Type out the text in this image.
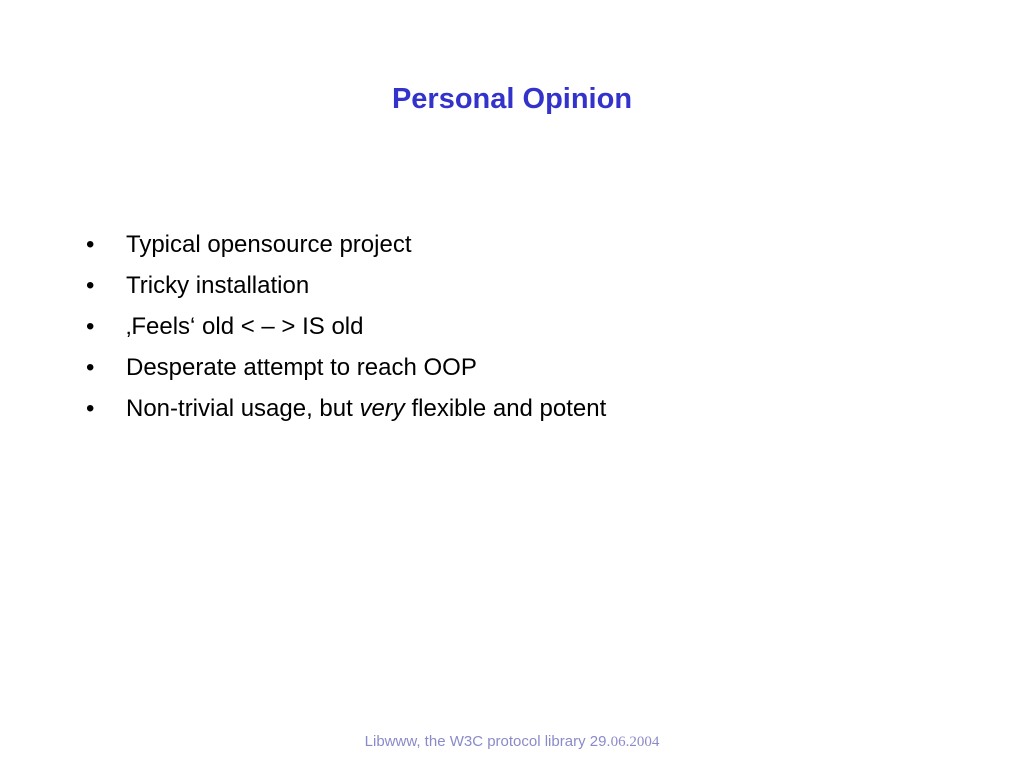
Personal Opinion
• Typical opensource project
• Tricky installation
• ‚Feels‘ old < – > IS old
• Desperate attempt to reach OOP
• Non-trivial usage, but very flexible and potent
Libwww, the W3C protocol library 29.06.2004
